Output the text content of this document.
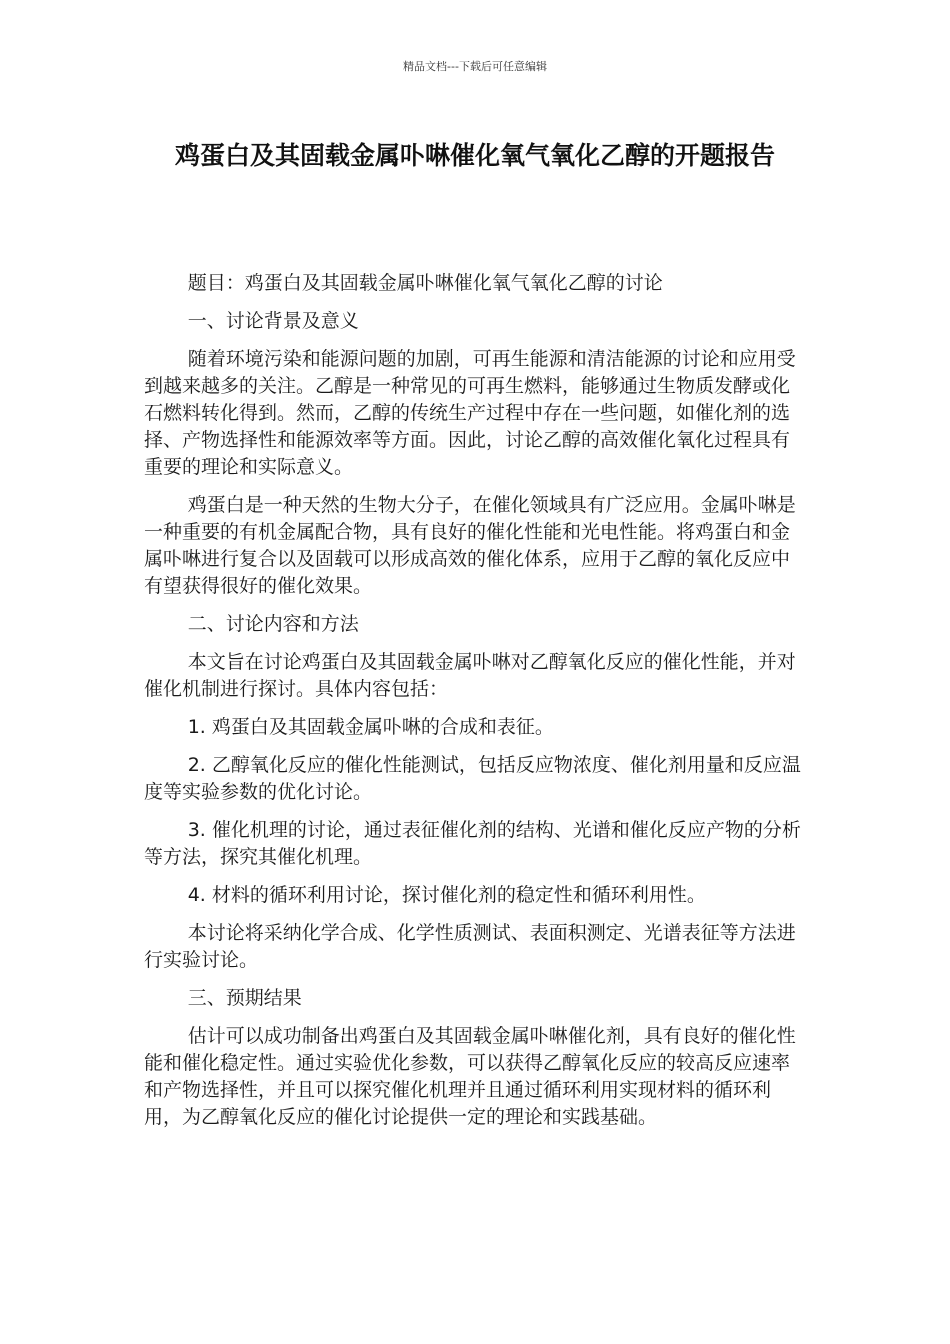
精品文档---下载后可任意编辑
鸡蛋白及其固载金属卟啉催化氧气氧化乙醇的开题报告

题目：鸡蛋白及其固载金属卟啉催化氧气氧化乙醇的讨论

一、讨论背景及意义

随着环境污染和能源问题的加剧，可再生能源和清洁能源的讨论和应用受到越来越多的关注。乙醇是一种常见的可再生燃料，能够通过生物质发酵或化石燃料转化得到。然而，乙醇的传统生产过程中存在一些问题，如催化剂的选择、产物选择性和能源效率等方面。因此，讨论乙醇的高效催化氧化过程具有重要的理论和实际意义。

鸡蛋白是一种天然的生物大分子，在催化领域具有广泛应用。金属卟啉是一种重要的有机金属配合物，具有良好的催化性能和光电性能。将鸡蛋白和金属卟啉进行复合以及固载可以形成高效的催化体系，应用于乙醇的氧化反应中有望获得很好的催化效果。

二、讨论内容和方法

本文旨在讨论鸡蛋白及其固载金属卟啉对乙醇氧化反应的催化性能，并对催化机制进行探讨。具体内容包括：

1. 鸡蛋白及其固载金属卟啉的合成和表征。

2. 乙醇氧化反应的催化性能测试，包括反应物浓度、催化剂用量和反应温度等实验参数的优化讨论。

3. 催化机理的讨论，通过表征催化剂的结构、光谱和催化反应产物的分析等方法，探究其催化机理。

4. 材料的循环利用讨论，探讨催化剂的稳定性和循环利用性。

本讨论将采纳化学合成、化学性质测试、表面积测定、光谱表征等方法进行实验讨论。

三、预期结果

估计可以成功制备出鸡蛋白及其固载金属卟啉催化剂，具有良好的催化性能和催化稳定性。通过实验优化参数，可以获得乙醇氧化反应的较高反应速率和产物选择性，并且可以探究催化机理并且通过循环利用实现材料的循环利用，为乙醇氧化反应的催化讨论提供一定的理论和实践基础。
